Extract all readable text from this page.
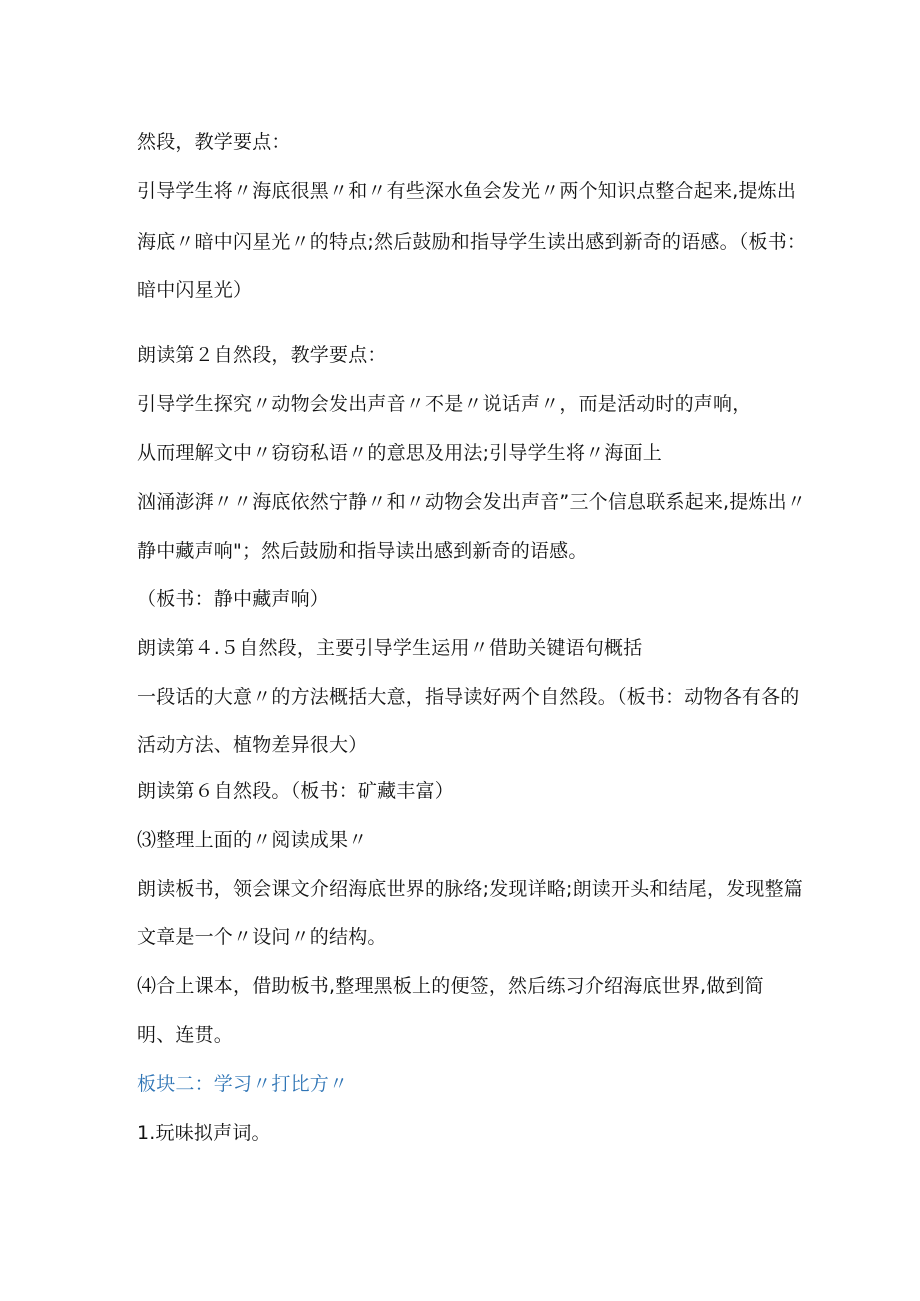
然段，教学要点：
引导学生将〃海底很黑〃和〃有些深水鱼会发光〃两个知识点整合起来,提炼出
海底〃暗中闪星光〃的特点;然后鼓励和指导学生读出感到新奇的语感。（板书：
暗中闪星光）
朗读第２自然段，教学要点：
引导学生探究〃动物会发出声音〃不是〃说话声〃，而是活动时的声响，
从而理解文中〃窃窃私语〃的意思及用法;引导学生将〃海面上
汹涌澎湃〃〃海底依然宁静〃和〃动物会发出声音”三个信息联系起来,提炼出〃
静中藏声响"；然后鼓励和指导读出感到新奇的语感。
（板书：静中藏声响）
朗读第４.５自然段，主要引导学生运用〃借助关键语句概括
一段话的大意〃的方法概括大意，指导读好两个自然段。（板书：动物各有各的
活动方法、植物差异很大）
朗读第６自然段。（板书：矿藏丰富）
⑶整理上面的〃阅读成果〃
朗读板书，领会课文介绍海底世界的脉络;发现详略;朗读开头和结尾，发现整篇
文章是一个〃设问〃的结构。
⑷合上课本，借助板书,整理黑板上的便签，然后练习介绍海底世界,做到简
明、连贯。
板块二：学习〃打比方〃
1.玩味拟声词。
